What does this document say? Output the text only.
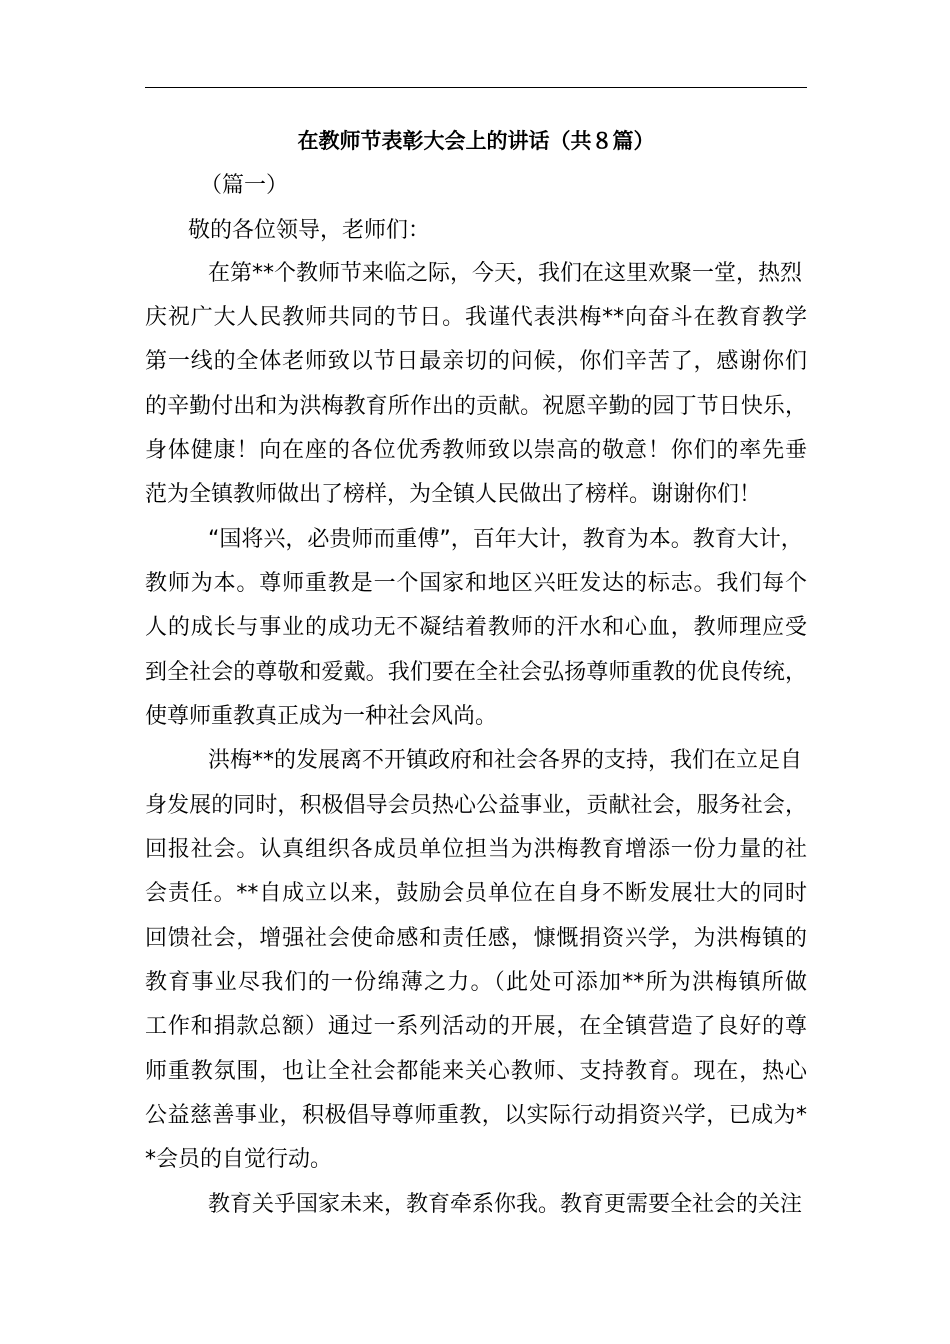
在教师节表彰大会上的讲话（共８篇）
（篇一）
敬的各位领导，老师们：
在第**个教师节来临之际，今天，我们在这里欢聚一堂，热烈
庆祝广大人民教师共同的节日。我谨代表洪梅**向奋斗在教育教学
第一线的全体老师致以节日最亲切的问候，你们辛苦了，感谢你们
的辛勤付出和为洪梅教育所作出的贡献。祝愿辛勤的园丁节日快乐，
身体健康！向在座的各位优秀教师致以崇高的敬意！你们的率先垂
范为全镇教师做出了榜样，为全镇人民做出了榜样。谢谢你们！
“国将兴，必贵师而重傅”，百年大计，教育为本。教育大计，
教师为本。尊师重教是一个国家和地区兴旺发达的标志。我们每个
人的成长与事业的成功无不凝结着教师的汗水和心血，教师理应受
到全社会的尊敬和爱戴。我们要在全社会弘扬尊师重教的优良传统，
使尊师重教真正成为一种社会风尚。
洪梅**的发展离不开镇政府和社会各界的支持，我们在立足自
身发展的同时，积极倡导会员热心公益事业，贡献社会，服务社会，
回报社会。认真组织各成员单位担当为洪梅教育增添一份力量的社
会责任。**自成立以来，鼓励会员单位在自身不断发展壮大的同时
回馈社会，增强社会使命感和责任感，慷慨捐资兴学，为洪梅镇的
教育事业尽我们的一份绵薄之力。（此处可添加**所为洪梅镇所做
工作和捐款总额）通过一系列活动的开展，在全镇营造了良好的尊
师重教氛围，也让全社会都能来关心教师、支持教育。现在，热心
公益慈善事业，积极倡导尊师重教，以实际行动捐资兴学，已成为*
*会员的自觉行动。
教育关乎国家未来，教育牵系你我。教育更需要全社会的关注
